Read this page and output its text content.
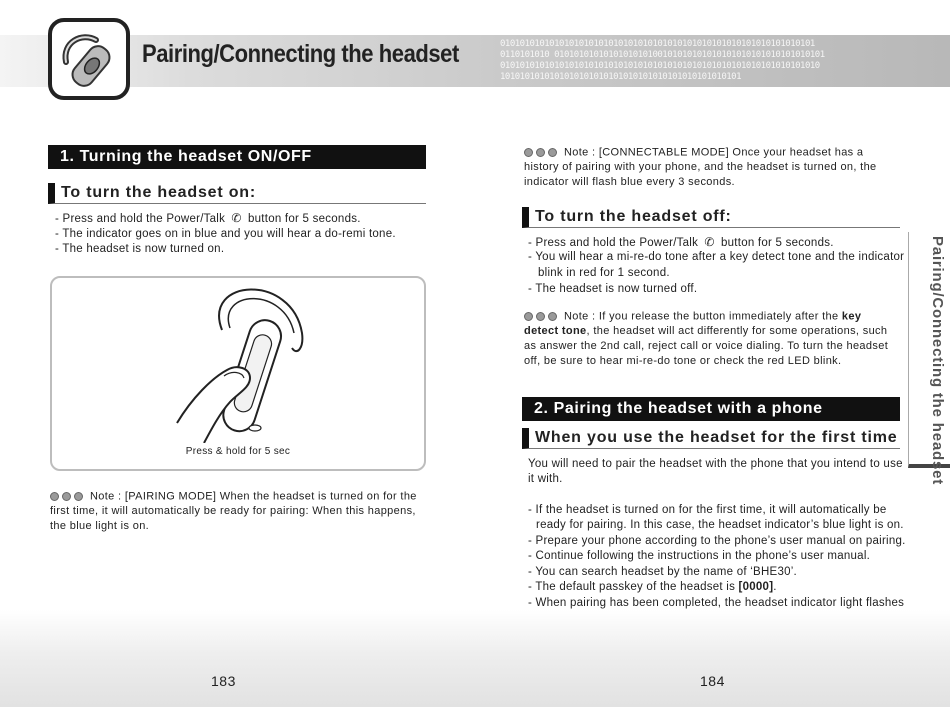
0101010101010101010101010101010101010101010101010101010101010101
0110101010 0101010101010101010100101010101010101010101010101010101
01010101010101010101010101010101010101010101010101010101010101010
1010101010101010101010101010101010101010101010101
Pairing/Connecting the headset
1. Turning the headset ON/OFF
To turn the headset on:
- Press and hold the Power/Talk ✆ button for 5 seconds.
- The indicator goes on in blue and you will hear a do-remi tone.
- The headset is now turned on.
Press & hold for 5 sec
Note : [PAIRING MODE] When the headset is turned on for the
first time, it will automatically be ready for pairing: When this happens,
the blue light is on.
Note : [CONNECTABLE MODE] Once your headset has a
history of pairing with your phone, and the headset is turned on, the
indicator will flash blue every 3 seconds.
To turn the headset off:
- Press and hold the Power/Talk ✆ button for 5 seconds.
- You will hear a mi-re-do tone after a key detect tone and the indicator
blink in red for 1 second.
- The headset is now turned off.
Note : If you release the button immediately after the key
detect tone, the headset will act differently for some operations, such
as answer the 2nd call, reject call or voice dialing. To turn the headset
off, be sure to hear mi-re-do tone or check the red LED blink.
2. Pairing the headset with a phone
When you use the headset for the first time
You will need to pair the headset with the phone that you intend to use
it with.
- If the headset is turned on for the first time, it will automatically be
ready for pairing. In this case, the headset indicator’s blue light is on.
- Prepare your phone according to the phone’s user manual on pairing.
- Continue following the instructions in the phone’s user manual.
- You can search headset by the name of ‘BHE30’.
- The default passkey of the headset is [0000].
- When pairing has been completed, the headset indicator light flashes
Pairing/Connecting the headset
183	184
